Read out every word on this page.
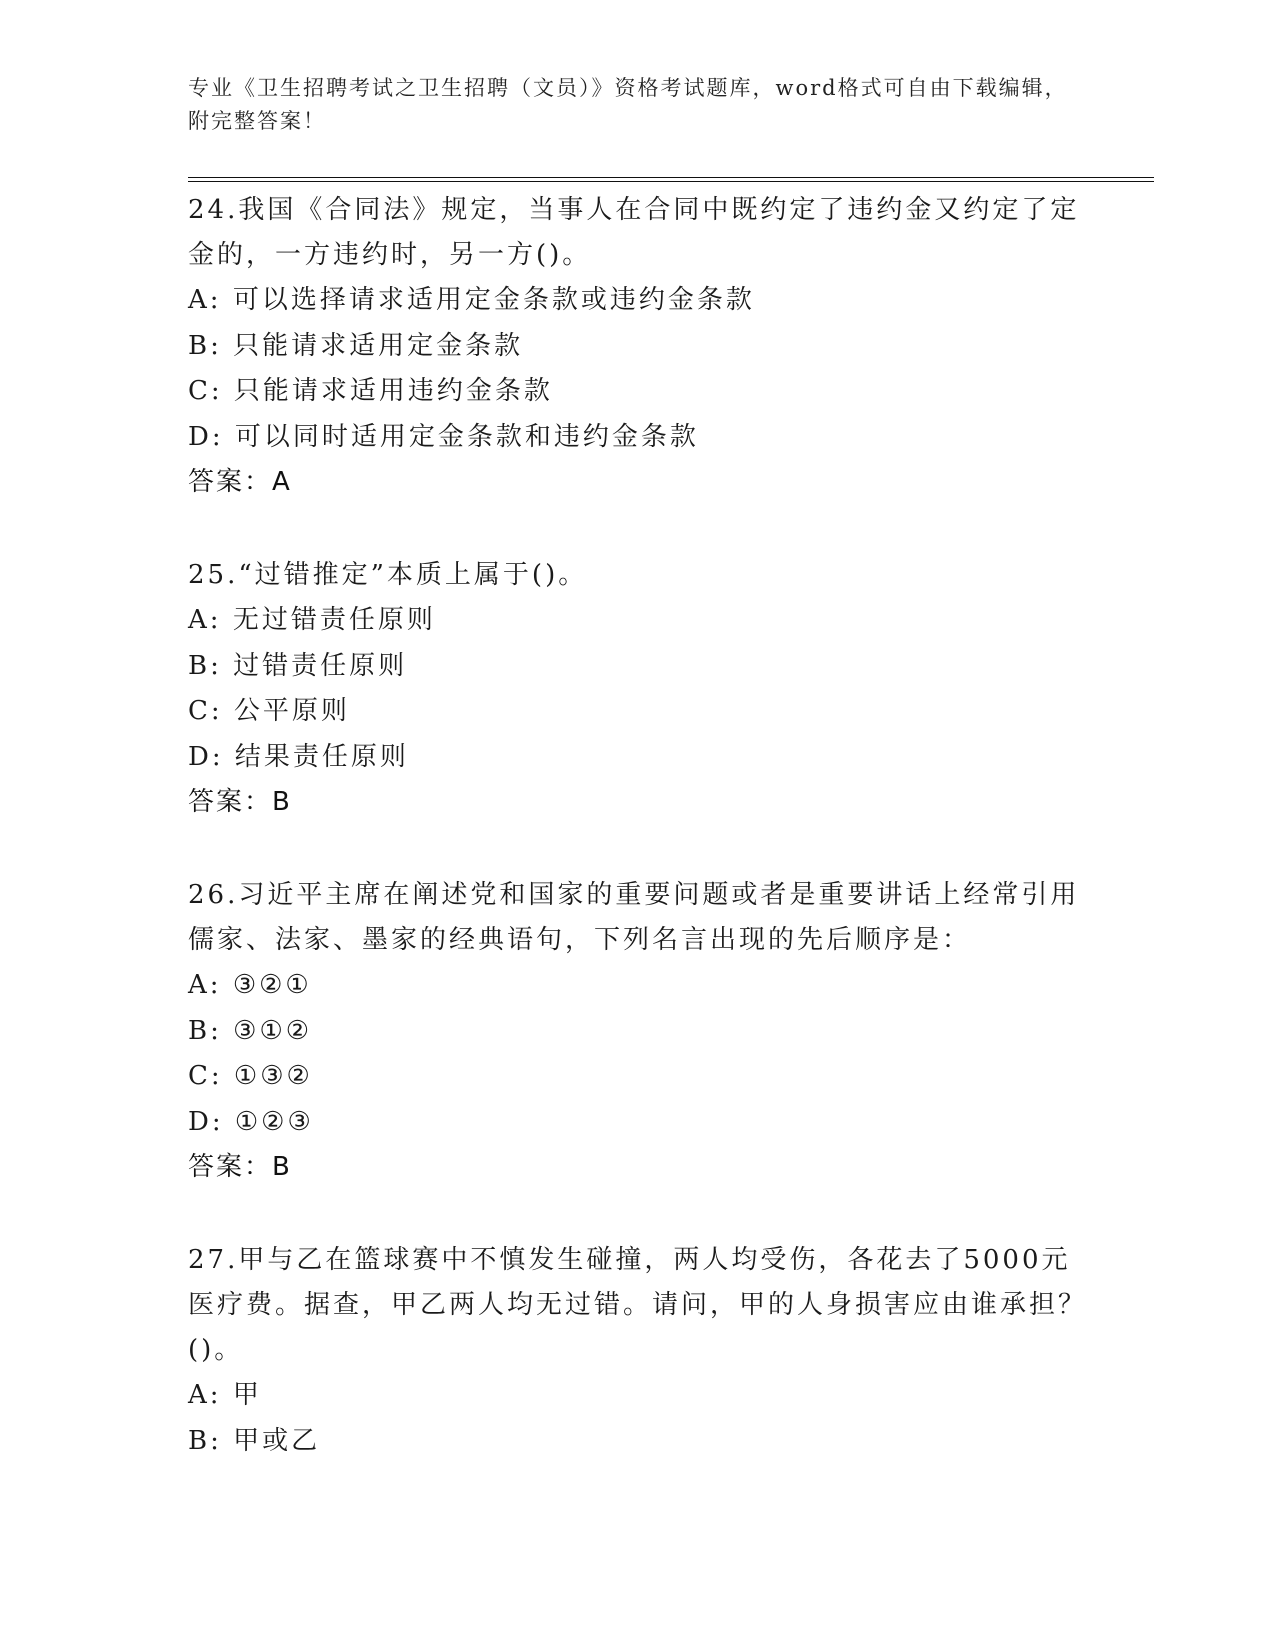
专业《卫生招聘考试之卫生招聘（文员）》资格考试题库，word格式可自由下载编辑，附完整答案！

24.我国《合同法》规定，当事人在合同中既约定了违约金又约定了定金的，一方违约时，另一方()。

A: 可以选择请求适用定金条款或违约金条款

B: 只能请求适用定金条款

C: 只能请求适用违约金条款

D: 可以同时适用定金条款和违约金条款

答案：A

25.“过错推定”本质上属于()。

A: 无过错责任原则

B: 过错责任原则

C: 公平原则

D: 结果责任原则

答案：B

26.习近平主席在阐述党和国家的重要问题或者是重要讲话上经常引用儒家、法家、墨家的经典语句，下列名言出现的先后顺序是：

A: ③②①

B: ③①②

C: ①③②

D: ①②③

答案：B

27.甲与乙在篮球赛中不慎发生碰撞，两人均受伤，各花去了5000元医疗费。据查，甲乙两人均无过错。请问，甲的人身损害应由谁承担？()。

A: 甲

B: 甲或乙
